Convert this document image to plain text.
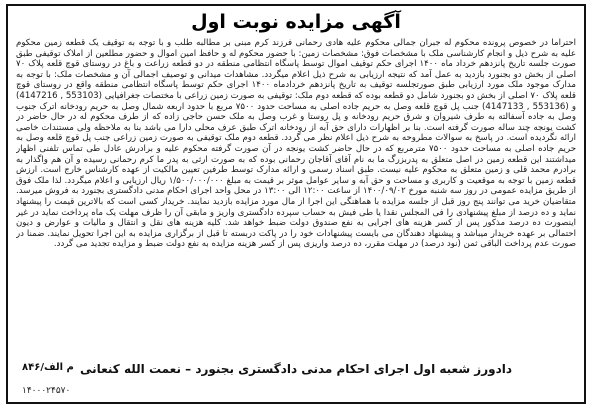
آگهی مزایده نوبت اول
احتراما در خصوص پرونده محکوم له جبران جمالی محکوم علیه هادی رحمانی فرزند کرم مبنی بر مطالبه طلب و با توجه به توقیف یک قطعه زمین محکوم علیه به شرح ذیل و انجام کارشناسی ملک با مشخصات فوق: مشخصات زمین: با حضور محکوم له و حافظ امین اموال و حضور مطلعین از املاک توقیفی طبق صورت جلسه تاریخ پانزدهم خرداد ماه ۱۴۰۰ اجرای حکم توقیف اموال توسط پاسگاه انتظامی منطقه در دو قطعه زراعت و باغ در روستای قوچ قلعه پلاک ۷۰ اصلی از بخش دو بجنورد بازدید به عمل آمد که نتیجه ارزیابی به شرح ذیل اعلام میگردد. مشاهدات میدانی و توصیف اجمالی آن و مشخصات ملک: با توجه به مدارک موجود ملک مورد ارزیابی طبق صورتجلسه توقیف به تاریخ پانزدهم خردادماه ۱۴۰۰ اجرای حکم توسط پاسگاه انتظامی منطقه واقع در روستای قوچ قلعه پلاک ۷۰ اصلی از بخش دو بجنورد شامل دو قطعه بوده که قطعه دوم ملک: توقیفی به صورت زمین زراعی با مختصات جغرافیایی (553103 , 4147216) و (553136 , 4147133) جنب پل قوچ قلعه وصل به حریم جاده اصلی به مساحت حدود ۷۵۰۰ مربع با حدود اربعه شمال وصل به حریم رودخانه اترک جنوب وصل به جاده آسفالته به طرف شیروان و شرق حریم رودخانه و پل روستا و غرب وصل به ملک حسن حاجی زاده که از طرف محکوم له در حال حاضر در کشت یونجه چند ساله صورت گرفته است. بنا بر اظهارات دارای حق آبه از رودخانه اترک طبق عرف محلی دارا می باشد بنا به ملاحظه ولی مستندات خاصی ارائه نگردیده است. در پاسخ به سوالات مطروحه به شرح ذیل اعلام نظر می گردد. قطعه دوم ملک توقیفی به صورت زمین زراعی جنب پل قوچ قلعه وصل به حریم جاده اصلی به مساحت حدود ۷۵۰۰ مترمربع که در حال حاضر کشت یونجه در آن صورت گرفته محکوم علیه و برادرش عادل طی تماس تلفنی اظهار میداشتند این قطعه زمین در اصل متعلق به پدربزرگ ما به نام آقای آقاجان رحمانی بوده که به صورت ارثی به پدر ما کرم رحمانی رسیده و آن هم واگذار به برادرم محمد قلی و زمین متعلق به محکوم علیه نیست. طبق اسناد رسمی و ارائه مدارک توسط طرفین تعیین مالکیت از عهده کارشناس خارج است. ارزش قطعه زمین با توجه به موقعیت و کاربری و مساحت و حق آبه و سایر عوامل موثر بر قیمت به مبلغ ۱/۵۰۰/۰۰۰/۰۰۰ ریال ارزیابی و اعلام میگردد. لذا ملک فوق از طریق مزایده عمومی در روز سه شنبه مورخ ۱۴۰۰/۰۹/۰۲ از ساعت ۱۲:۰۰ الی ۱۳:۰۰ در محل واحد اجرای احکام مدنی دادگستری بجنورد به فروش میرسد. متقاضیان خرید می توانند پنج روز قبل از جلسه مزایده با هماهنگی این اجرا از مال مورد مزایده بازدید نمایند. خریدار کسی است که بالاترین قیمت را پیشنهاد نماید و ده درصد از مبلغ پیشنهادی را فی المجلس نقدا یا طی فیش به حساب سپرده دادگستری واریز و مابقی آن را ظرف مهلت یک ماه پرداخت نماید در غیر اینصورت ده درصد مذکور پس از کسر هزینه های اجرایی به نفع صندوق دولت ضبط خواهد شد. کلیه هزینه های نقل و انتقال و مالیات و عوارض و دیون احتمالی بر عهده خریدار میباشد و پیشنهاد دهندگان می بایست پیشنهادات خود را در پاکت دربسته تا قبل از برگزاری مزایده به این اجرا تحویل نمایند. ضمنا در صورت عدم پرداخت الباقی ثمن (نود درصد) در مهلت مقرر، ده درصد واریزی پس از کسر هزینه مزایده به نفع دولت ضبط و مزایده تجدید می گردد.
م الف/۸۴۶ دادورز شعبه اول اجرای احکام مدنی دادگستری بجنورد – نعمت الله کنعانی
۱۴۰۰۰۲۴۵۷۰
